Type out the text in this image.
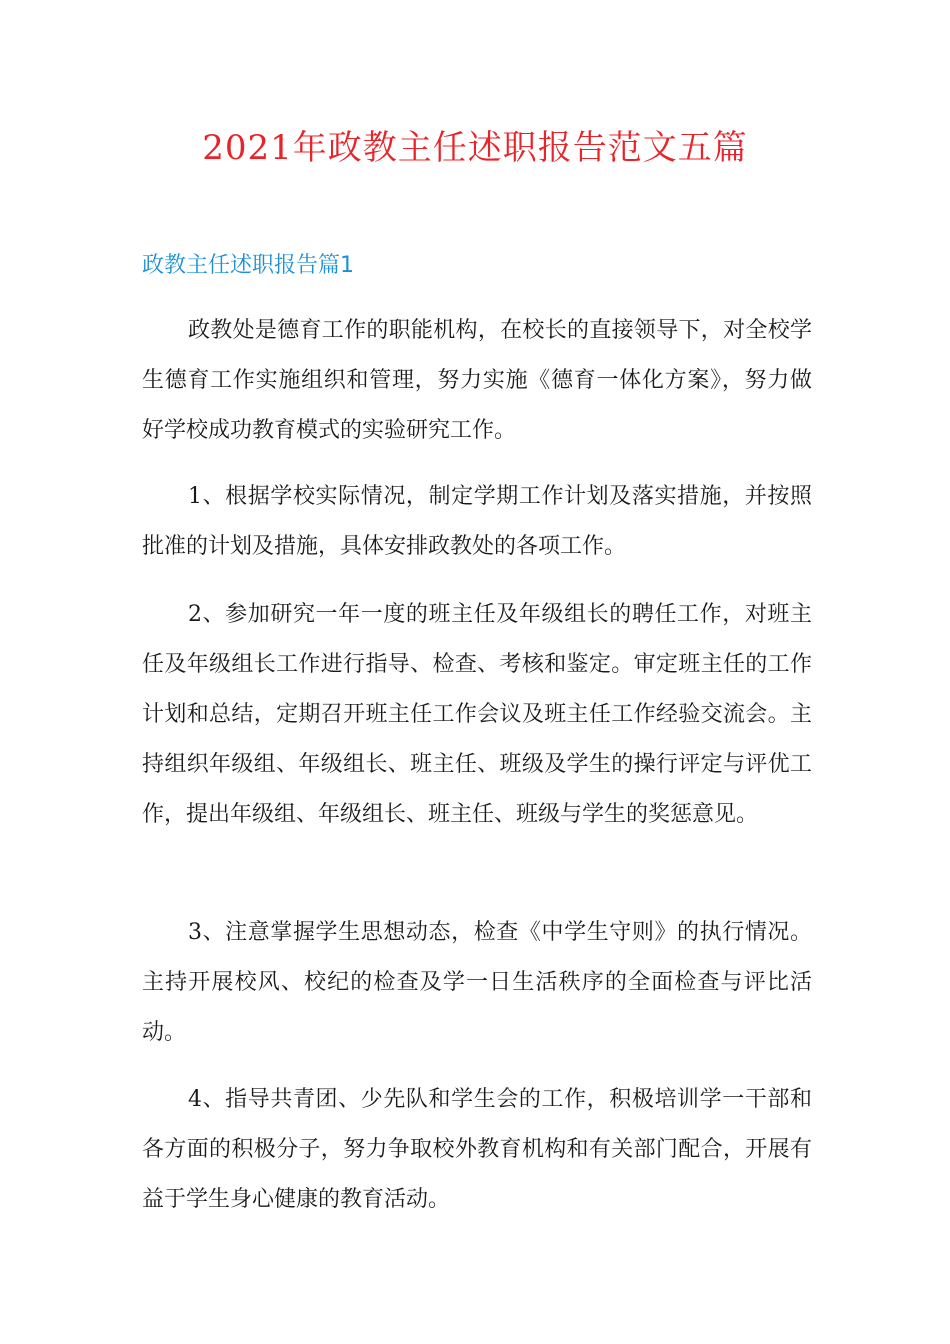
2021年政教主任述职报告范文五篇
政教主任述职报告篇1

政教处是德育工作的职能机构，在校长的直接领导下，对全校学生德育工作实施组织和管理，努力实施《德育一体化方案》，努力做好学校成功教育模式的实验研究工作。

1、根据学校实际情况，制定学期工作计划及落实措施，并按照批准的计划及措施，具体安排政教处的各项工作。

2、参加研究一年一度的班主任及年级组长的聘任工作，对班主任及年级组长工作进行指导、检查、考核和鉴定。审定班主任的工作计划和总结，定期召开班主任工作会议及班主任工作经验交流会。主持组织年级组、年级组长、班主任、班级及学生的操行评定与评优工作，提出年级组、年级组长、班主任、班级与学生的奖惩意见。

3、注意掌握学生思想动态，检查《中学生守则》的执行情况。主持开展校风、校纪的检查及学一日生活秩序的全面检查与评比活动。

4、指导共青团、少先队和学生会的工作，积极培训学一干部和各方面的积极分子，努力争取校外教育机构和有关部门配合，开展有益于学生身心健康的教育活动。
